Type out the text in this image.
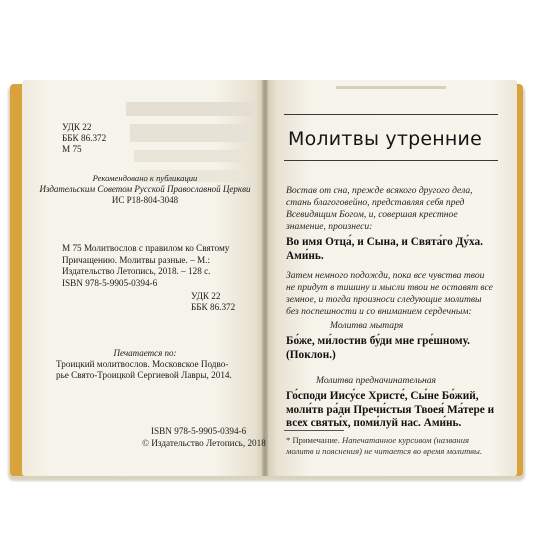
УДК 22
ББК 86.372
М 75
Рекомендовано к публикации
Издательским Советом Русской Православной Церкви
ИС Р18-804-3048
М 75 Молитвослов с правилом ко Святому Причащению. Молитвы разные. – М.: Издательство Летопись, 2018. – 128 с.
ISBN 978-5-9905-0394-6
УДК 22
ББК 86.372
Печатается по:
Троицкий молитвослов. Московское Подво-
рье Свято-Троицкой Сергиевой Лавры, 2014.
ISBN 978-5-9905-0394-6
© Издательство Летопись, 2018
Молитвы утренние
Востав от сна, прежде всякого другого дела, стань благоговейно, представляя себя пред Всевидящим Богом, и, совершая крестное знамение, произнеси:
Во имя Отца́, и Сына, и Свята́го Ду́ха. Ами́нь.
Затем немного подожди, пока все чувства твои не придут в тишину и мысли твои не оставят все земное, и тогда произноси следующие молитвы без поспешности и со вниманием сердечным:
Молитва мытаря
Бо́же, ми́лостив бу́ди мне гре́шному. (Поклон.)
Молитва предначинательная
Го́споди Иису́се Христе́, Сы́не Бо́жий, моли́тв ра́ди Пречи́стыя Твоея́ Ма́тере и всех святы́х, поми́луй нас. Ами́нь.
* Примечание. Напечатанное курсивом (названия молитв и пояснения) не читается во время молитвы.
